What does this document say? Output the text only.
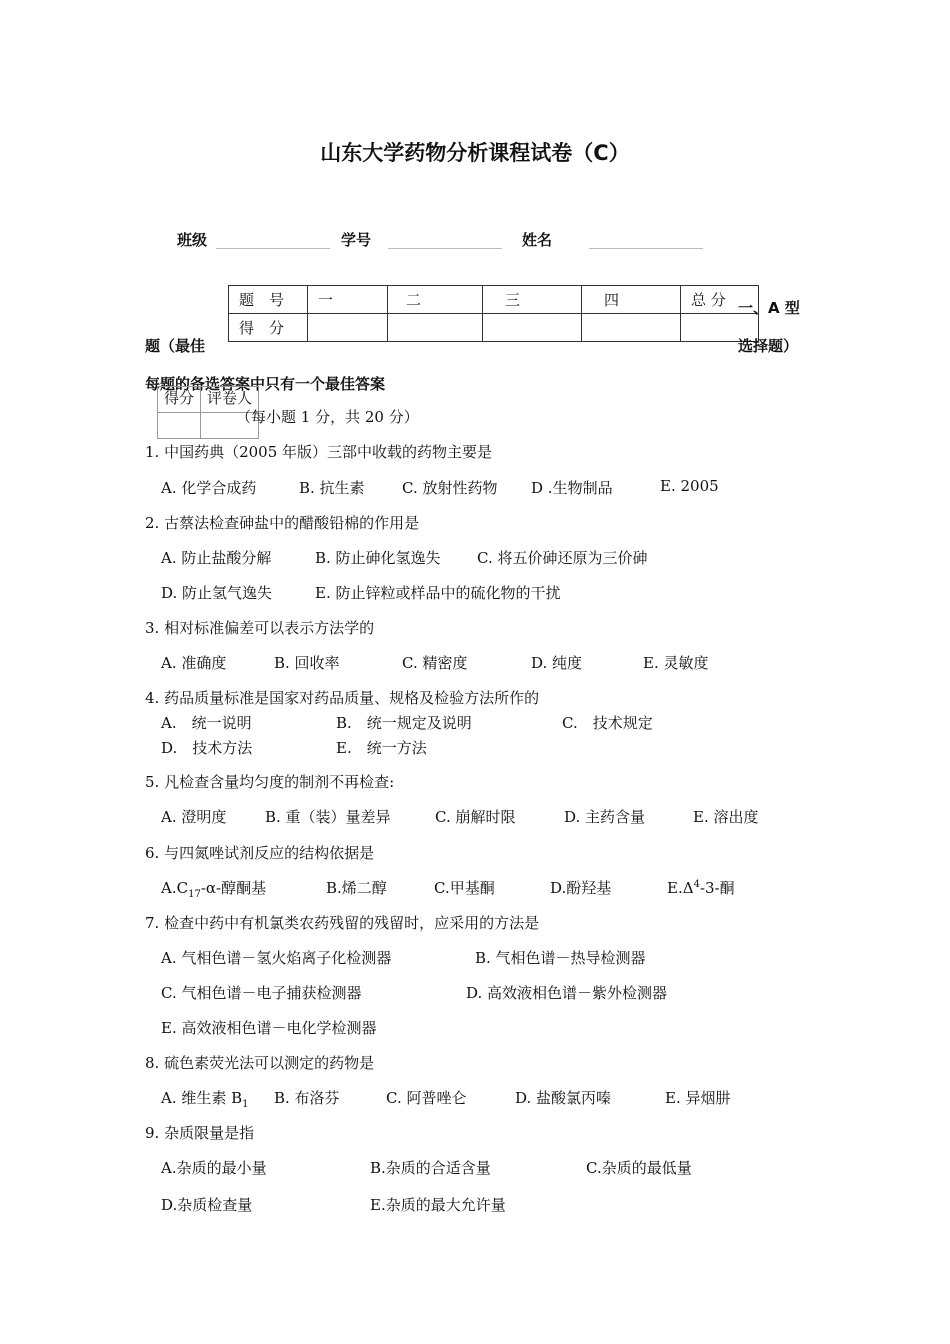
山东大学药物分析课程试卷（C）
班级	学号	姓名
题　号	一	二	三	四	总 分
得　分					
一、A 型
题（最佳	选择题）
每题的备选答案中只有一个最佳答案
得分	评卷人

（每小题 1 分，共 20 分）
1. 中国药典（2005 年版）三部中收载的药物主要是
A. 化学合成药	B. 抗生素 C. 放射性药物 D .生物制品	E. 2005
2. 古蔡法检查砷盐中的醋酸铅棉的作用是
A. 防止盐酸分解	B. 防止砷化氢逸失 C. 将五价砷还原为三价砷
D. 防止氢气逸失	E. 防止锌粒或样品中的硫化物的干扰
3. 相对标准偏差可以表示方法学的
A. 准确度	B. 回收率	C. 精密度	D. 纯度	E. 灵敏度
4. 药品质量标准是国家对药品质量、规格及检验方法所作的
A.　统一说明	B.　统一规定及说明	C.　技术规定
D.　技术方法	E.　统一方法
5. 凡检查含量均匀度的制剂不再检查:
A. 澄明度	B. 重（装）量差异	C. 崩解时限	D. 主药含量	E. 溶出度
6. 与四氮唑试剂反应的结构依据是
$A.C_{17}-\alpha-$醇酮基	B.烯二醇	C.甲基酮	D.酚羟基	$E.\Delta^4-3-$酮
7. 检查中药中有机氯类农药残留的残留时，应采用的方法是
A. 气相色谱－氢火焰离子化检测器	B. 气相色谱－热导检测器
C. 气相色谱－电子捕获检测器	D. 高效液相色谱－紫外检测器
E. 高效液相色谱－电化学检测器
8. 硫色素荧光法可以测定的药物是
A. 维生素 $B_1$ B. 布洛芬	C. 阿普唑仑	D. 盐酸氯丙嗪	E. 异烟肼
9. 杂质限量是指
A.杂质的最小量	B.杂质的合适含量	C.杂质的最低量
D.杂质检查量	E.杂质的最大允许量
